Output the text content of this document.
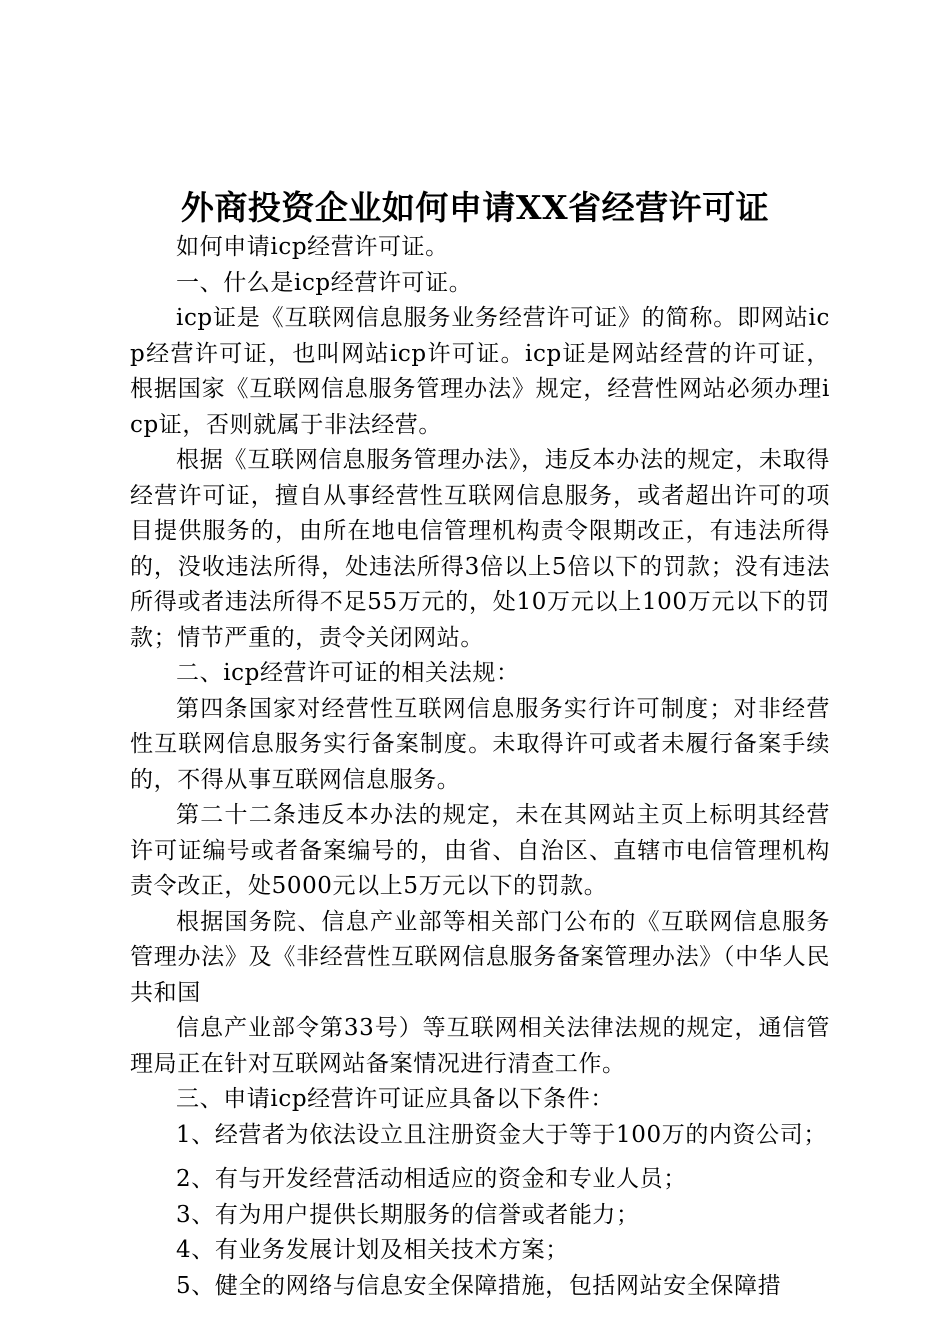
外商投资企业如何申请XX省经营许可证

如何申请icp经营许可证。

一、什么是icp经营许可证。

icp证是《互联网信息服务业务经营许可证》的简称。即网站icp经营许可证，也叫网站icp许可证。icp证是网站经营的许可证，根据国家《互联网信息服务管理办法》规定，经营性网站必须办理icp证，否则就属于非法经营。

根据《互联网信息服务管理办法》，违反本办法的规定，未取得经营许可证，擅自从事经营性互联网信息服务，或者超出许可的项目提供服务的，由所在地电信管理机构责令限期改正，有违法所得的，没收违法所得，处违法所得3倍以上5倍以下的罚款；没有违法所得或者违法所得不足55万元的，处10万元以上100万元以下的罚款；情节严重的，责令关闭网站。

二、icp经营许可证的相关法规：

第四条国家对经营性互联网信息服务实行许可制度；对非经营性互联网信息服务实行备案制度。未取得许可或者未履行备案手续的，不得从事互联网信息服务。

第二十二条违反本办法的规定，未在其网站主页上标明其经营许可证编号或者备案编号的，由省、自治区、直辖市电信管理机构责令改正，处5000元以上5万元以下的罚款。

根据国务院、信息产业部等相关部门公布的《互联网信息服务管理办法》及《非经营性互联网信息服务备案管理办法》（中华人民共和国

信息产业部令第33号）等互联网相关法律法规的规定，通信管理局正在针对互联网站备案情况进行清查工作。

三、申请icp经营许可证应具备以下条件：

1、经营者为依法设立且注册资金大于等于100万的内资公司；

2、有与开发经营活动相适应的资金和专业人员；

3、有为用户提供长期服务的信誉或者能力；

4、有业务发展计划及相关技术方案；

5、健全的网络与信息安全保障措施，包括网站安全保障措
